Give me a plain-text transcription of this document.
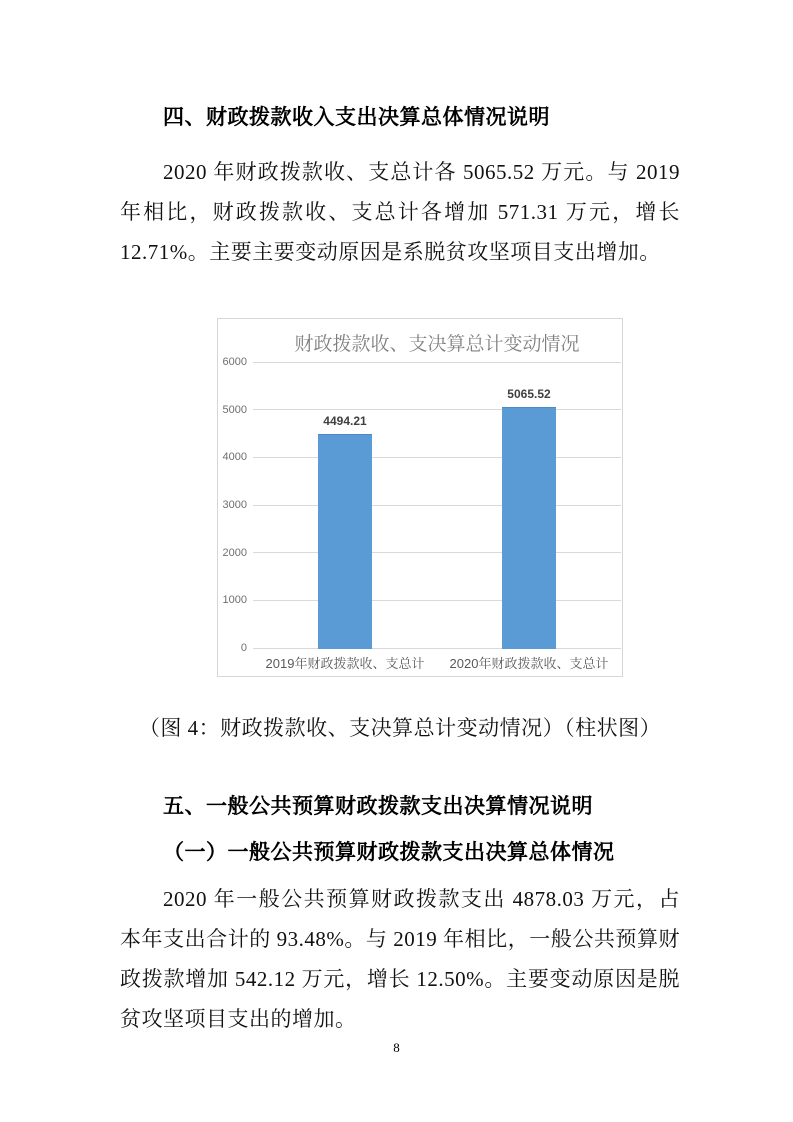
四、财政拨款收入支出决算总体情况说明

2020 年财政拨款收、支总计各 5065.52 万元。与 2019 年相比，财政拨款收、支总计各增加 571.31 万元，增长 12.71%。主要主要变动原因是系脱贫攻坚项目支出增加。

财政拨款收、支决算总计变动情况
0
1000
2000
3000
4000
5000
6000
4494.21
2019年财政拨款收、支总计
5065.52
2020年财政拨款收、支总计

（图 4：财政拨款收、支决算总计变动情况）（柱状图）

五、一般公共预算财政拨款支出决算情况说明
（一）一般公共预算财政拨款支出决算总体情况

2020 年一般公共预算财政拨款支出 4878.03 万元，占本年支出合计的 93.48%。与 2019 年相比，一般公共预算财政拨款增加 542.12 万元，增长 12.50%。主要变动原因是脱贫攻坚项目支出的增加。

8
